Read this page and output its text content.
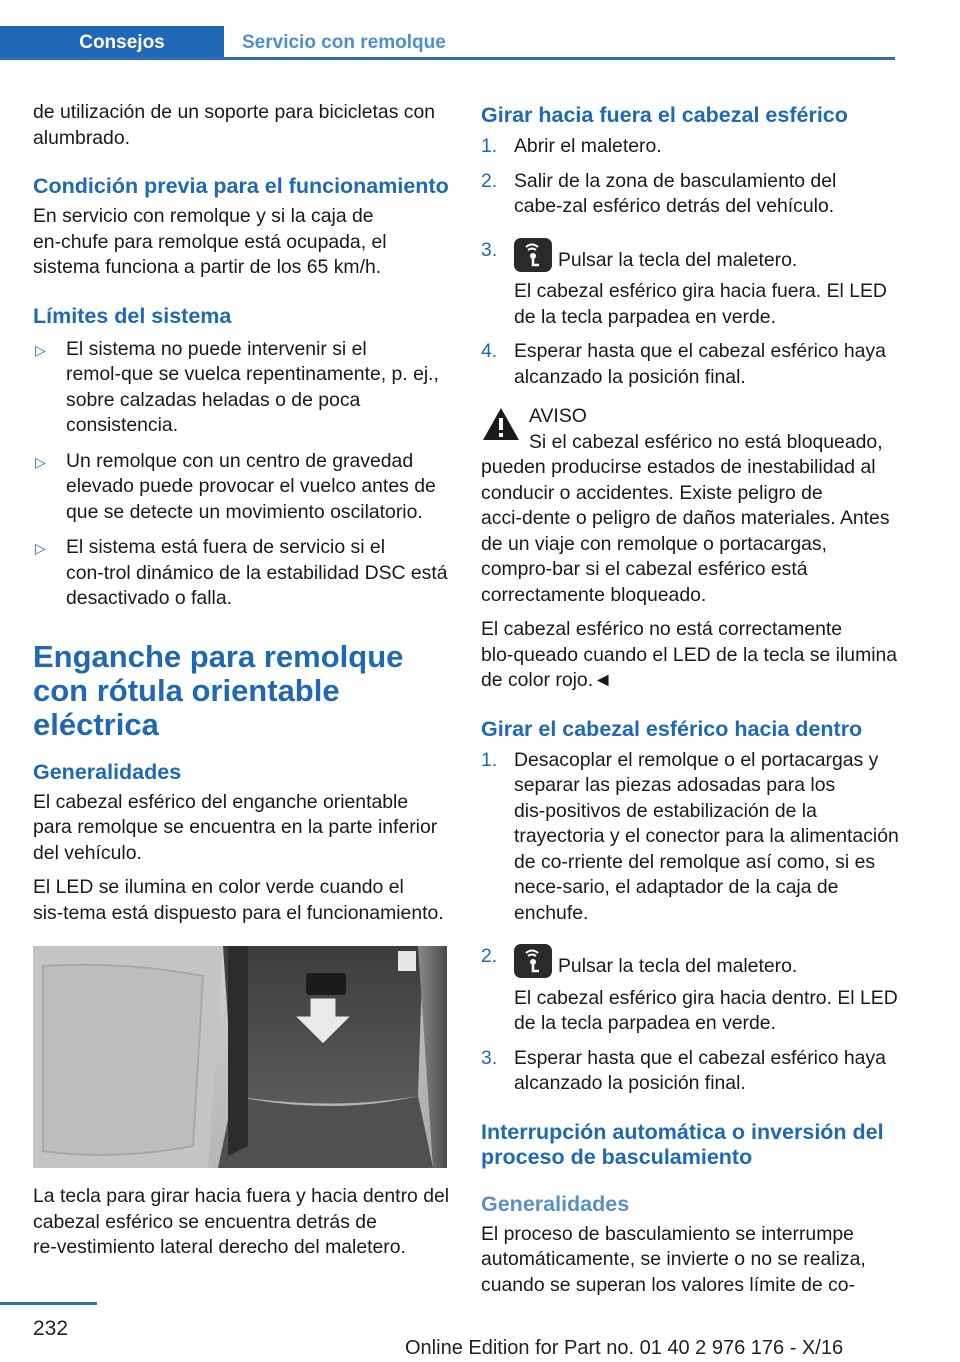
Consejos	Servicio con remolque

de utilización de un soporte para bicicletas con alumbrado.

Condición previa para el funcionamiento

En servicio con remolque y si la caja de en‑chufe para remolque está ocupada, el sistema funciona a partir de los 65 km/h.

Límites del sistema
▷ El sistema no puede intervenir si el remol‑que se vuelca repentinamente, p. ej., sobre calzadas heladas o de poca consistencia.
▷ Un remolque con un centro de gravedad elevado puede provocar el vuelco antes de que se detecte un movimiento oscilatorio.
▷ El sistema está fuera de servicio si el con‑trol dinámico de la estabilidad DSC está desactivado o falla.
Enganche para remolque con rótula orientable eléctrica
Generalidades

El cabezal esférico del enganche orientable para remolque se encuentra en la parte inferior del vehículo.

El LED se ilumina en color verde cuando el sis‑tema está dispuesto para el funcionamiento.

La tecla para girar hacia fuera y hacia dentro del cabezal esférico se encuentra detrás de re‑vestimiento lateral derecho del maletero.

Girar hacia fuera el cabezal esférico
1. Abrir el maletero.
2. Salir de la zona de basculamiento del cabe‑zal esférico detrás del vehículo.
3.	Pulsar la tecla del maletero.
El cabezal esférico gira hacia fuera. El LED de la tecla parpadea en verde.
4. Esperar hasta que el cabezal esférico haya alcanzado la posición final.

AVISO

Si el cabezal esférico no está bloqueado, pueden producirse estados de inestabilidad al conducir o accidentes. Existe peligro de acci‑dente o peligro de daños materiales. Antes de un viaje con remolque o portacargas, compro‑bar si el cabezal esférico está correctamente bloqueado.

El cabezal esférico no está correctamente blo‑queado cuando el LED de la tecla se ilumina de color rojo.◄

Girar el cabezal esférico hacia dentro
1. Desacoplar el remolque o el portacargas y separar las piezas adosadas para los dis‑positivos de estabilización de la trayectoria y el conector para la alimentación de co‑rriente del remolque así como, si es nece‑sario, el adaptador de la caja de enchufe.
2.	Pulsar la tecla del maletero.
El cabezal esférico gira hacia dentro. El LED de la tecla parpadea en verde.
3. Esperar hasta que el cabezal esférico haya alcanzado la posición final.
Interrupción automática o inversión del proceso de basculamiento
Generalidades

El proceso de basculamiento se interrumpe automáticamente, se invierte o no se realiza, cuando se superan los valores límite de co‑

232
Online Edition for Part no. 01 40 2 976 176 - X/16
